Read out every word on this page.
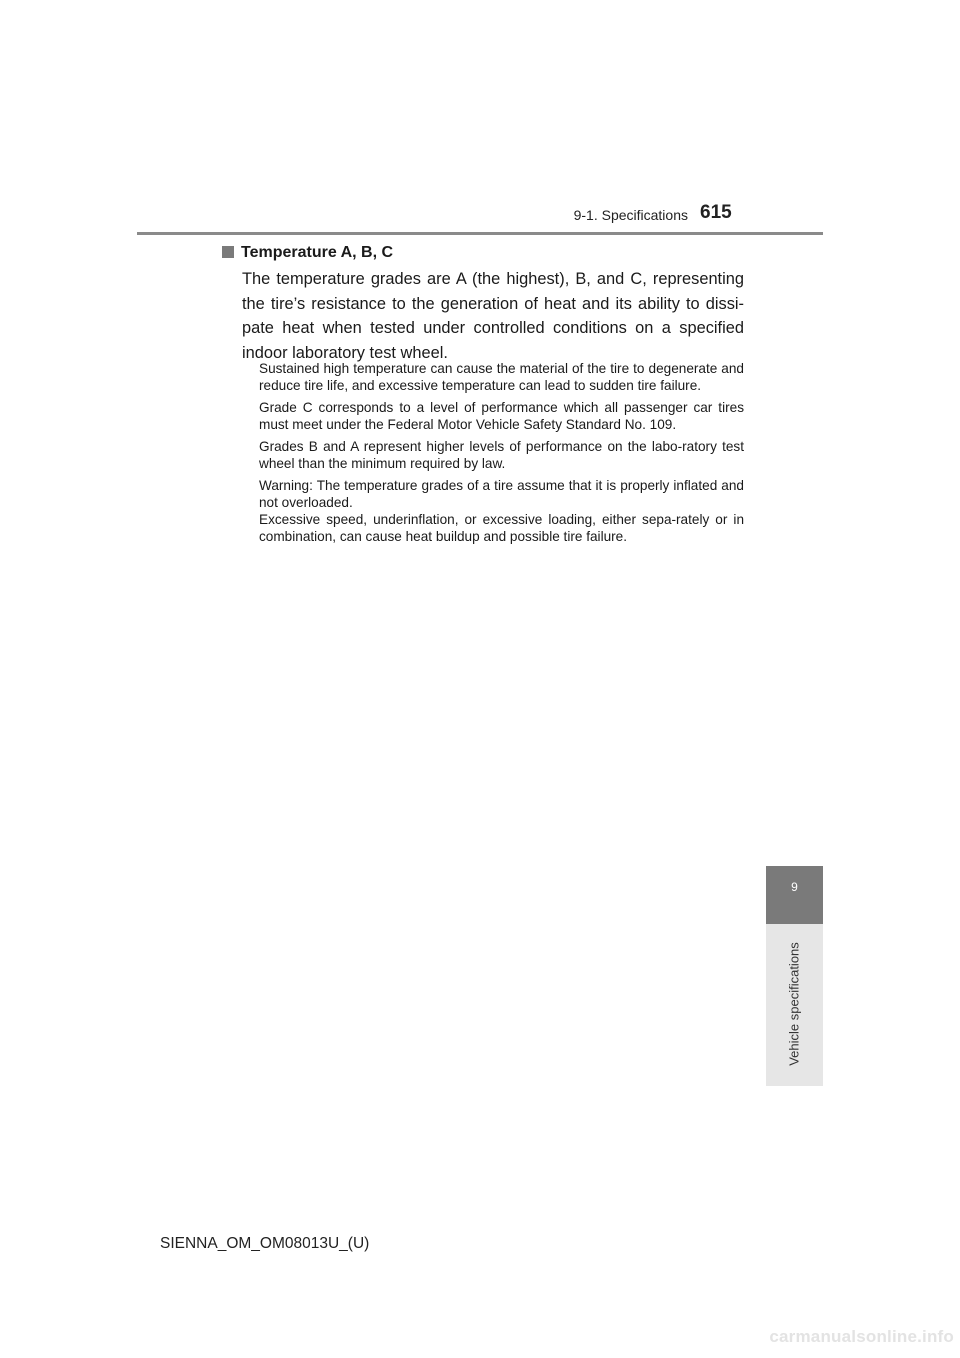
9-1. Specifications 615
Temperature A, B, C
The temperature grades are A (the highest), B, and C, representing the tire’s resistance to the generation of heat and its ability to dissi-pate heat when tested under controlled conditions on a specified indoor laboratory test wheel.

Sustained high temperature can cause the material of the tire to degenerate and reduce tire life, and excessive temperature can lead to sudden tire failure.

Grade C corresponds to a level of performance which all passenger car tires must meet under the Federal Motor Vehicle Safety Standard No. 109.

Grades B and A represent higher levels of performance on the labo-ratory test wheel than the minimum required by law.

Warning: The temperature grades of a tire assume that it is properly inflated and not overloaded.

Excessive speed, underinflation, or excessive loading, either sepa-rately or in combination, can cause heat buildup and possible tire failure.

9
Vehicle specifications
SIENNA_OM_OM08013U_(U)
carmanualsonline.info
